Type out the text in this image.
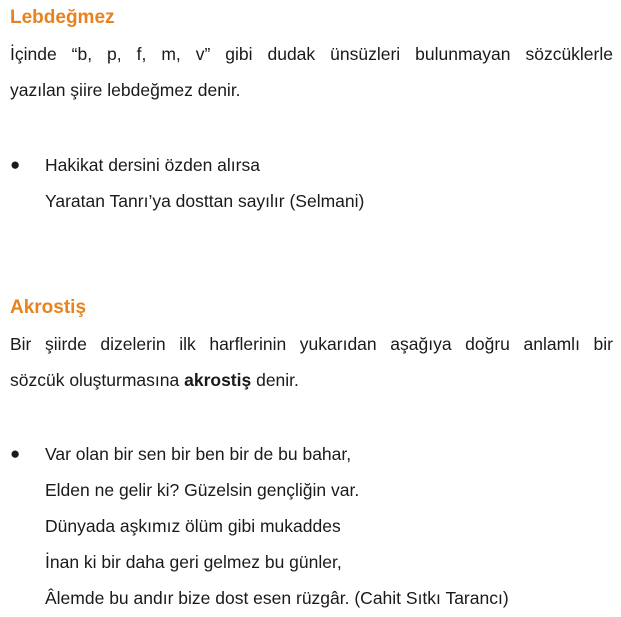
Lebdeğmez

İçinde “b, p, f, m, v” gibi dudak ünsüzleri bulunmayan sözcüklerle
yazılan şiire lebdeğmez denir.

● Hakikat dersini özden alırsa
Yaratan Tanrı’ya dosttan sayılır (Selmani)
Akrostiş

Bir şiirde dizelerin ilk harflerinin yukarıdan aşağıya doğru anlamlı bir
sözcük oluşturmasına akrostiş denir.

● Var olan bir sen bir ben bir de bu bahar,
Elden ne gelir ki? Güzelsin gençliğin var.
Dünyada aşkımız ölüm gibi mukaddes
İnan ki bir daha geri gelmez bu günler,
Âlemde bu andır bize dost esen rüzgâr. (Cahit Sıtkı Tarancı)
